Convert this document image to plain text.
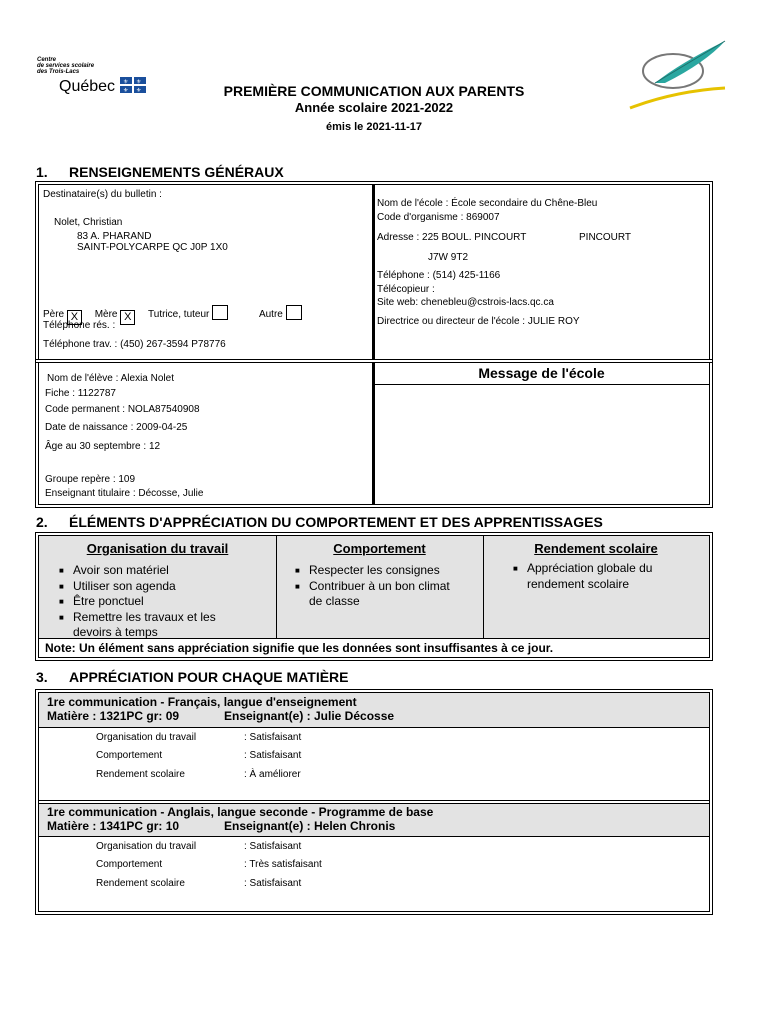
Centre
de services scolaire
des Trois-Lacs
Québec ⚜ ⚜
⚜ ⚜	PREMIÈRE COMMUNICATION AUX PARENTS
Année scolaire 2021-2022
émis le 2021-11-17
1. RENSEIGNEMENTS GÉNÉRAUX
Destinataire(s) du bulletin :
Nolet, Christian
83 A. PHARAND
SAINT-POLYCARPE QC J0P 1X0
Père X Mère X Tutrice, tuteur	Autre
Téléphone rés. :
Téléphone trav. : (450) 267-3594 P78776
Nom de l'école : École secondaire du Chêne-Bleu
Code d'organisme : 869007
Adresse : 225 BOUL. PINCOURT	PINCOURT
J7W 9T2
Téléphone : (514) 425-1166
Télécopieur :
Site web: chenebleu@cstrois-lacs.qc.ca
Directrice ou directeur de l'école : JULIE ROY
Nom de l'élève : Alexia Nolet
Fiche : 1122787
Code permanent : NOLA87540908
Date de naissance : 2009-04-25
Âge au 30 septembre : 12
Groupe repère : 109
Enseignant titulaire : Décosse, Julie
Message de l'école
2. ÉLÉMENTS D'APPRÉCIATION DU COMPORTEMENT ET DES APPRENTISSAGES
Organisation du travail
■ Avoir son matériel
■ Utiliser son agenda
■ Être ponctuel
■ Remettre les travaux et les
devoirs à temps
Comportement
■ Respecter les consignes
■ Contribuer à un bon climat
de classe
Rendement scolaire
■ Appréciation globale du
rendement scolaire
Note: Un élément sans appréciation signifie que les données sont insuffisantes à ce jour.
3. APPRÉCIATION POUR CHAQUE MATIÈRE
1re communication - Français, langue d'enseignement
Matière : 1321PC gr: 09	Enseignant(e) : Julie Décosse
Organisation du travail	: Satisfaisant
Comportement	: Satisfaisant
Rendement scolaire	: À améliorer
1re communication - Anglais, langue seconde - Programme de base
Matière : 1341PC gr: 10	Enseignant(e) : Helen Chronis
Organisation du travail	: Satisfaisant
Comportement	: Très satisfaisant
Rendement scolaire	: Satisfaisant
